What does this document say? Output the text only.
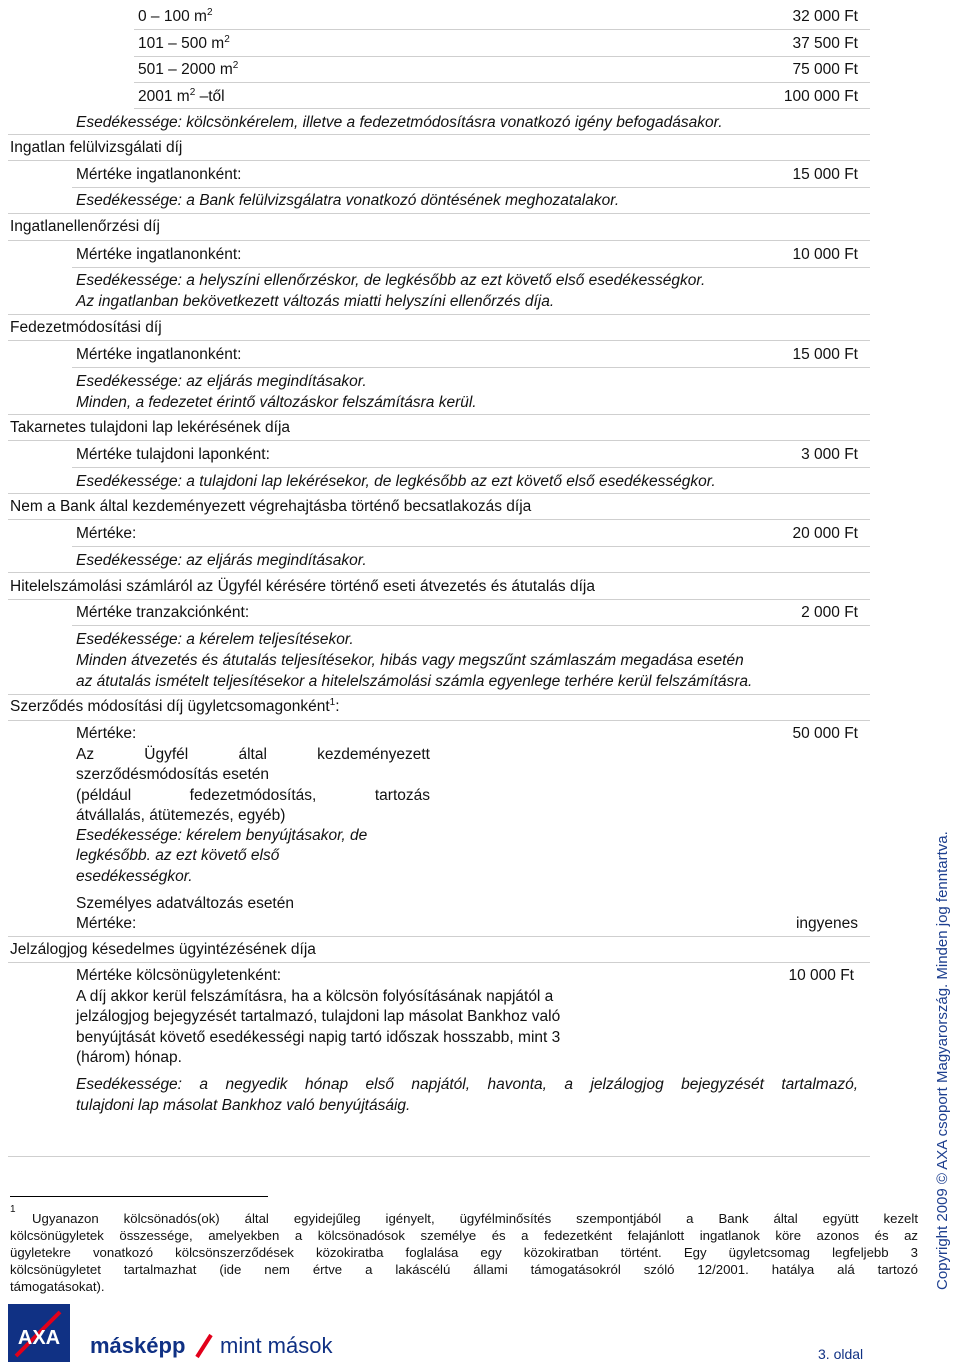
0 – 100 $m^2$	32 000 Ft
101 – 500 $m^2$	37 500 Ft
501 – 2000 $m^2$	75 000 Ft
2001 $m^2$ –től	100 000 Ft
Esedékessége: kölcsönkérelem, illetve a fedezetmódosításra vonatkozó igény befogadásakor.
Ingatlan felülvizsgálati díj
Mértéke ingatlanonként:	15 000 Ft
Esedékessége: a Bank felülvizsgálatra vonatkozó döntésének meghozatalakor.
Ingatlanellenőrzési díj
Mértéke ingatlanonként:	10 000 Ft
Esedékessége: a helyszíni ellenőrzéskor, de legkésőbb az ezt követő első esedékességkor.
Az ingatlanban bekövetkezett változás miatti helyszíni ellenőrzés díja.
Fedezetmódosítási díj
Mértéke ingatlanonként:	15 000 Ft
Esedékessége: az eljárás megindításakor.
Minden, a fedezetet érintő változáskor felszámításra kerül.
Takarnetes tulajdoni lap lekérésének díja
Mértéke tulajdoni laponként:	3 000 Ft
Esedékessége: a tulajdoni lap lekérésekor, de legkésőbb az ezt követő első esedékességkor.
Nem a Bank által kezdeményezett végrehajtásba történő becsatlakozás díja
Mértéke:	20 000 Ft
Esedékessége: az eljárás megindításakor.
Hitelelszámolási számláról az Ügyfél kérésére történő eseti átvezetés és átutalás díja
Mértéke tranzakciónként:	2 000 Ft
Esedékessége: a kérelem teljesítésekor.
Minden átvezetés és átutalás teljesítésekor, hibás vagy megszűnt számlaszám megadása esetén
az átutalás ismételt teljesítésekor a hitelelszámolási számla egyenlege terhére kerül felszámításra.
Szerződés módosítási díj ügyletcsomagonként$^1$:
Mértéke:	50 000 Ft
Az Ügyfél által kezdeményezett
szerződésmódosítás esetén
(például fedezetmódosítás, tartozás
átvállalás, átütemezés, egyéb)
Esedékessége: kérelem benyújtásakor, de
legkésőbb. az ezt követő első
esedékességkor.
Személyes adatváltozás esetén
Mértéke:	ingyenes
Jelzálogjog késedelmes ügyintézésének díja
Mértéke kölcsönügyletenként:	10 000 Ft
A díj akkor kerül felszámításra, ha a kölcsön folyósításának napjától a
jelzálogjog bejegyzését tartalmazó, tulajdoni lap másolat Bankhoz való
benyújtását követő esedékességi napig tartó időszak hosszabb, mint 3
(három) hónap.
Esedékessége: a negyedik hónap első napjától, havonta, a jelzálogjog bejegyzését tartalmazó,
tulajdoni lap másolat Bankhoz való benyújtásáig.
1
Ugyanazon kölcsönadós(ok) által egyidejűleg igényelt, ügyfélminősítés szempontjából a Bank által együtt kezelt
kölcsönügyletek összessége, amelyekben a kölcsönadósok személye és a fedezetként felajánlott ingatlanok köre azonos és az
ügyletekre vonatkozó kölcsönszerződések közokiratba foglalása egy közokiratban történt. Egy ügyletcsomag legfeljebb 3
kölcsönügyletet tartalmazhat (ide nem értve a lakáscélú állami támogatásokról szóló 12/2001. hatálya alá tartozó
támogatásokat).
AXA másképp mint mások	3. oldal
Copyright 2009 © AXA csoport Magyarország. Minden jog fenntartva.
